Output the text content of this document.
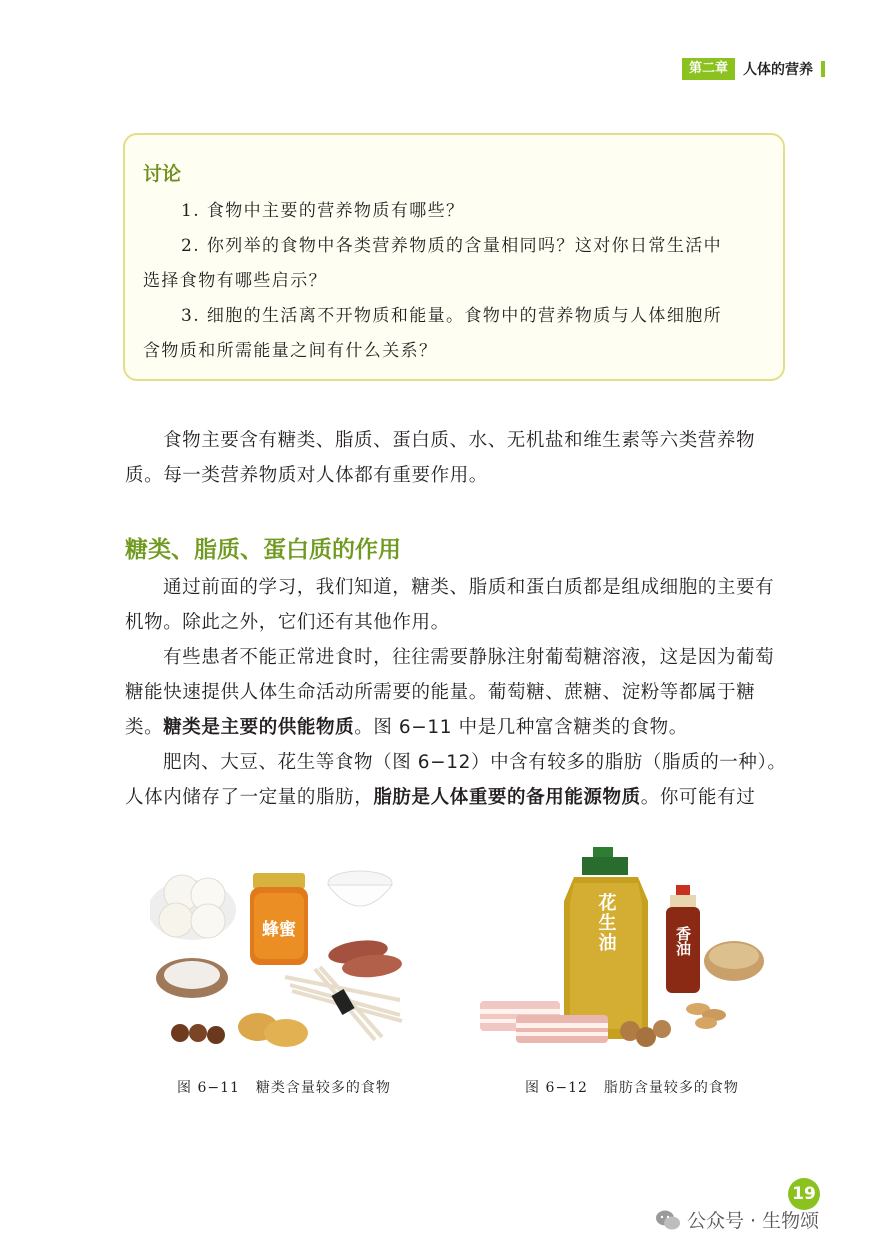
第二章	人体的营养
讨论

1. 食物中主要的营养物质有哪些？

2. 你列举的食物中各类营养物质的含量相同吗？这对你日常生活中

选择食物有哪些启示？

3. 细胞的生活离不开物质和能量。食物中的营养物质与人体细胞所

含物质和所需能量之间有什么关系？

食物主要含有糖类、脂质、蛋白质、水、无机盐和维生素等六类营养物质。每一类营养物质对人体都有重要作用。
糖类、脂质、蛋白质的作用
通过前面的学习，我们知道，糖类、脂质和蛋白质都是组成细胞的主要有机物。除此之外，它们还有其他作用。
有些患者不能正常进食时，往往需要静脉注射葡萄糖溶液，这是因为葡萄糖能快速提供人体生命活动所需要的能量。葡萄糖、蔗糖、淀粉等都属于糖类。糖类是主要的供能物质。图 6−11 中是几种富含糖类的食物。
肥肉、大豆、花生等食物（图 6−12）中含有较多的脂肪（脂质的一种）。人体内储存了一定量的脂肪，脂肪是人体重要的备用能源物质。你可能有过
蜂蜜
图 6−11 糖类含量较多的食物
花生油	香油
图 6−12 脂肪含量较多的食物
19
公众号 · 生物颂
